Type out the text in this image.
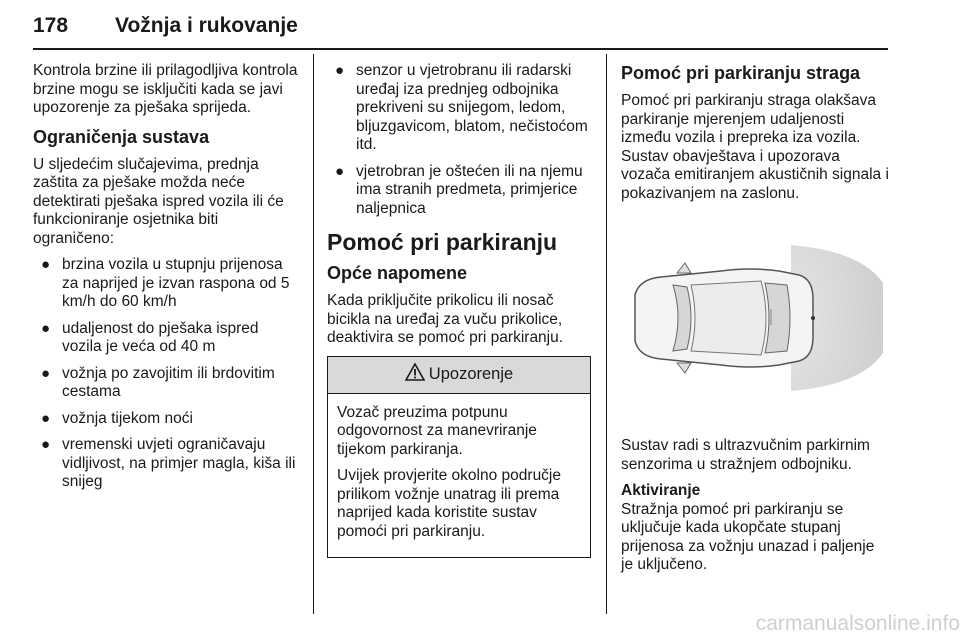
178 Vožnja i rukovanje

Kontrola brzine ili prilagodljiva kontrola brzine mogu se isključiti kada se javi upozorenje za pješaka sprijeda.

Ograničenja sustava

U sljedećim slučajevima, prednja zaštita za pješake možda neće detektirati pješaka ispred vozila ili će funkcioniranje osjetnika biti ograničeno:

● brzina vozila u stupnju prijenosa za naprijed je izvan raspona od 5 km/h do 60 km/h
● udaljenost do pješaka ispred vozila je veća od 40 m
● vožnja po zavojitim ili brdovitim cestama
● vožnja tijekom noći
● vremenski uvjeti ograničavaju vidljivost, na primjer magla, kiša ili snijeg
● senzor u vjetrobranu ili radarski uređaj iza prednjeg odbojnika prekriveni su snijegom, ledom, bljuzgavicom, blatom, nečistoćom itd.
● vjetrobran je oštećen ili na njemu ima stranih predmeta, primjerice naljepnica
Pomoć pri parkiranju
Opće napomene

Kada priključite prikolicu ili nosač bicikla na uređaj za vuču prikolice, deaktivira se pomoć pri parkiranju.

Upozorenje

Vozač preuzima potpunu odgovornost za manevriranje tijekom parkiranja.

Uvijek provjerite okolno područje prilikom vožnje unatrag ili prema naprijed kada koristite sustav pomoći pri parkiranju.

Pomoć pri parkiranju straga

Pomoć pri parkiranju straga olakšava parkiranje mjerenjem udaljenosti između vozila i prepreka iza vozila. Sustav obavještava i upozorava vozača emitiranjem akustičnih signala i pokazivanjem na zaslonu.

Sustav radi s ultrazvučnim parkirnim senzorima u stražnjem odbojniku.

Aktiviranje

Stražnja pomoć pri parkiranju se uključuje kada ukopčate stupanj prijenosa za vožnju unazad i paljenje je uključeno.

carmanualsonline.info
